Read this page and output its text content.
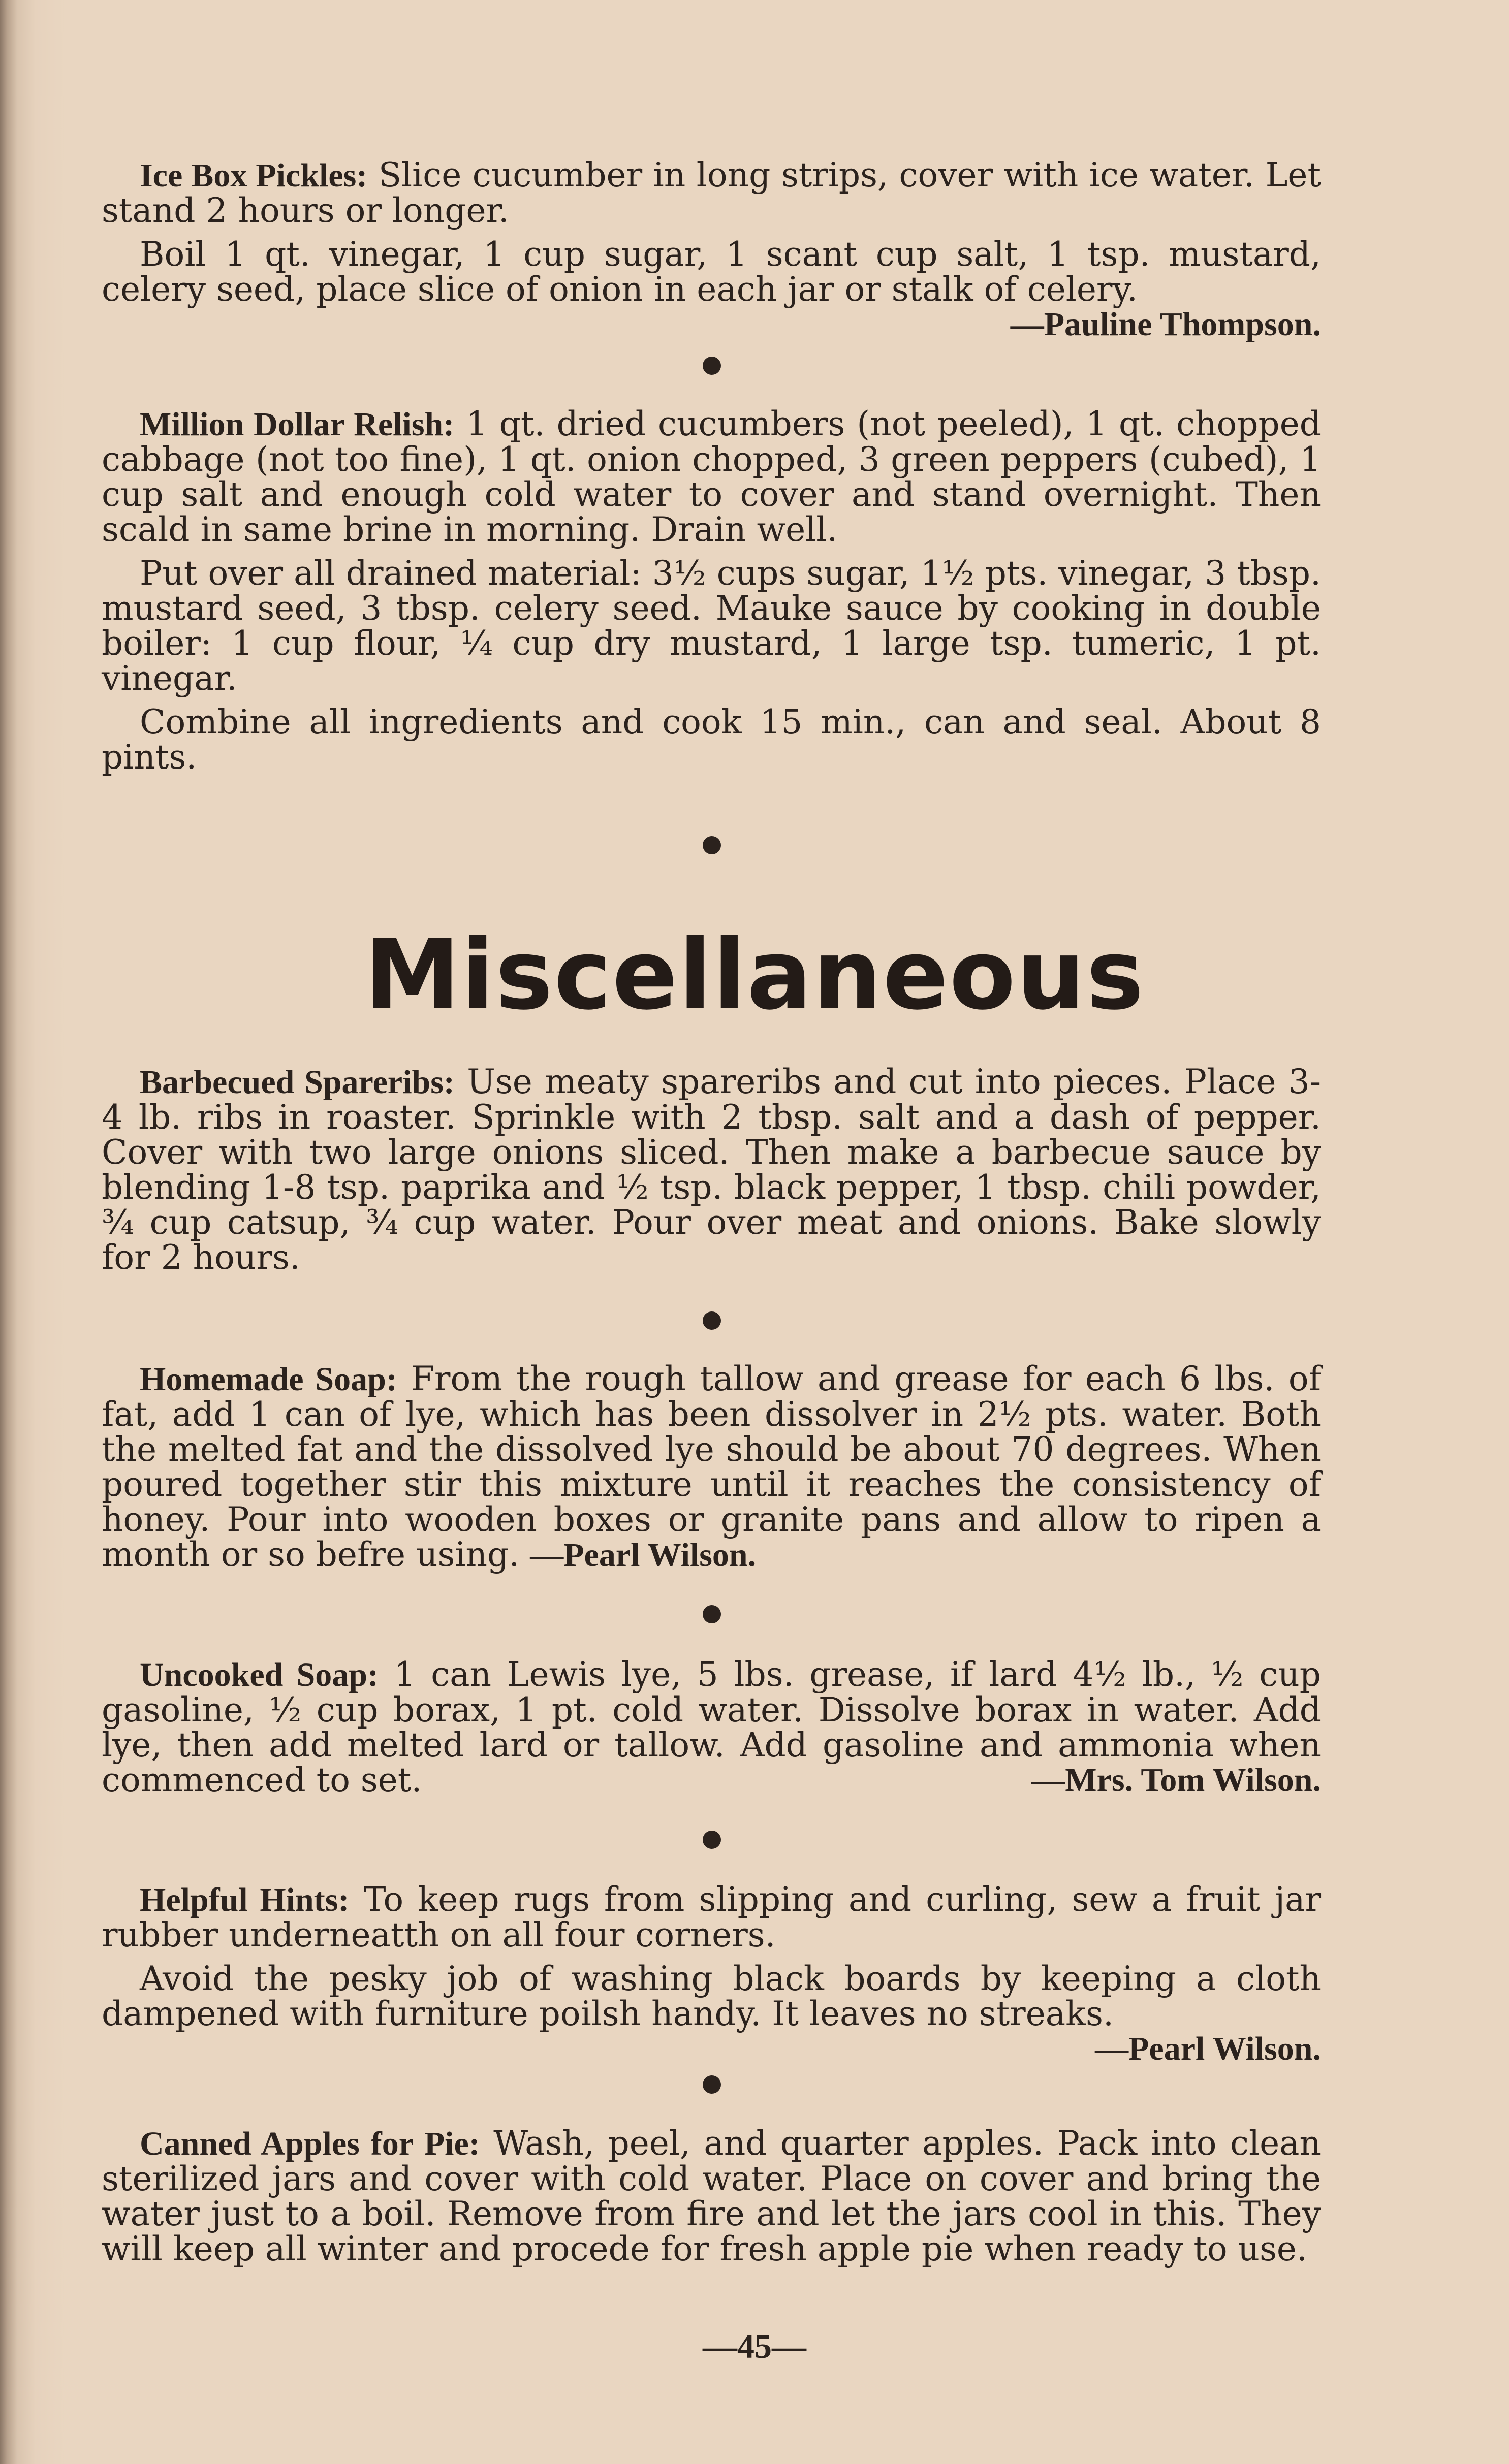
Ice Box Pickles: Slice cucumber in long strips, cover with ice water. Let stand 2 hours or longer.

Boil 1 qt. vinegar, 1 cup sugar, 1 scant cup salt, 1 tsp. mustard, celery seed, place slice of onion in each jar or stalk of celery.

—Pauline Thompson.

Million Dollar Relish: 1 qt. dried cucumbers (not peeled), 1 qt. chopped cabbage (not too fine), 1 qt. onion chopped, 3 green peppers (cubed), 1 cup salt and enough cold water to cover and stand overnight. Then scald in same brine in morning. Drain well.

Put over all drained material: 3½ cups sugar, 1½ pts. vinegar, 3 tbsp. mustard seed, 3 tbsp. celery seed. Mauke sauce by cooking in double boiler: 1 cup flour, ¼ cup dry mustard, 1 large tsp. tumeric, 1 pt. vinegar.

Combine all ingredients and cook 15 min., can and seal. About 8 pints.

Miscellaneous

Barbecued Spareribs: Use meaty spareribs and cut into pieces. Place 3-4 lb. ribs in roaster. Sprinkle with 2 tbsp. salt and a dash of pepper. Cover with two large onions sliced. Then make a barbecue sauce by blending 1-8 tsp. paprika and ½ tsp. black pepper, 1 tbsp. chili powder, ¾ cup catsup, ¾ cup water. Pour over meat and onions. Bake slowly for 2 hours.

Homemade Soap: From the rough tallow and grease for each 6 lbs. of fat, add 1 can of lye, which has been dissolver in 2½ pts. water. Both the melted fat and the dissolved lye should be about 70 degrees. When poured together stir this mixture until it reaches the consistency of honey. Pour into wooden boxes or granite pans and allow to ripen a month or so befre using. —Pearl Wilson.

Uncooked Soap: 1 can Lewis lye, 5 lbs. grease, if lard 4½ lb., ½ cup gasoline, ½ cup borax, 1 pt. cold water. Dissolve borax in water. Add lye, then add melted lard or tallow. Add gasoline and ammonia when commenced to set.	—Mrs. Tom Wilson.

Helpful Hints: To keep rugs from slipping and curling, sew a fruit jar rubber underneatth on all four corners.

Avoid the pesky job of washing black boards by keeping a cloth dampened with furniture poilsh handy. It leaves no streaks.

—Pearl Wilson.

Canned Apples for Pie: Wash, peel, and quarter apples. Pack into clean sterilized jars and cover with cold water. Place on cover and bring the water just to a boil. Remove from fire and let the jars cool in this. They will keep all winter and procede for fresh apple pie when ready to use.

—45—
